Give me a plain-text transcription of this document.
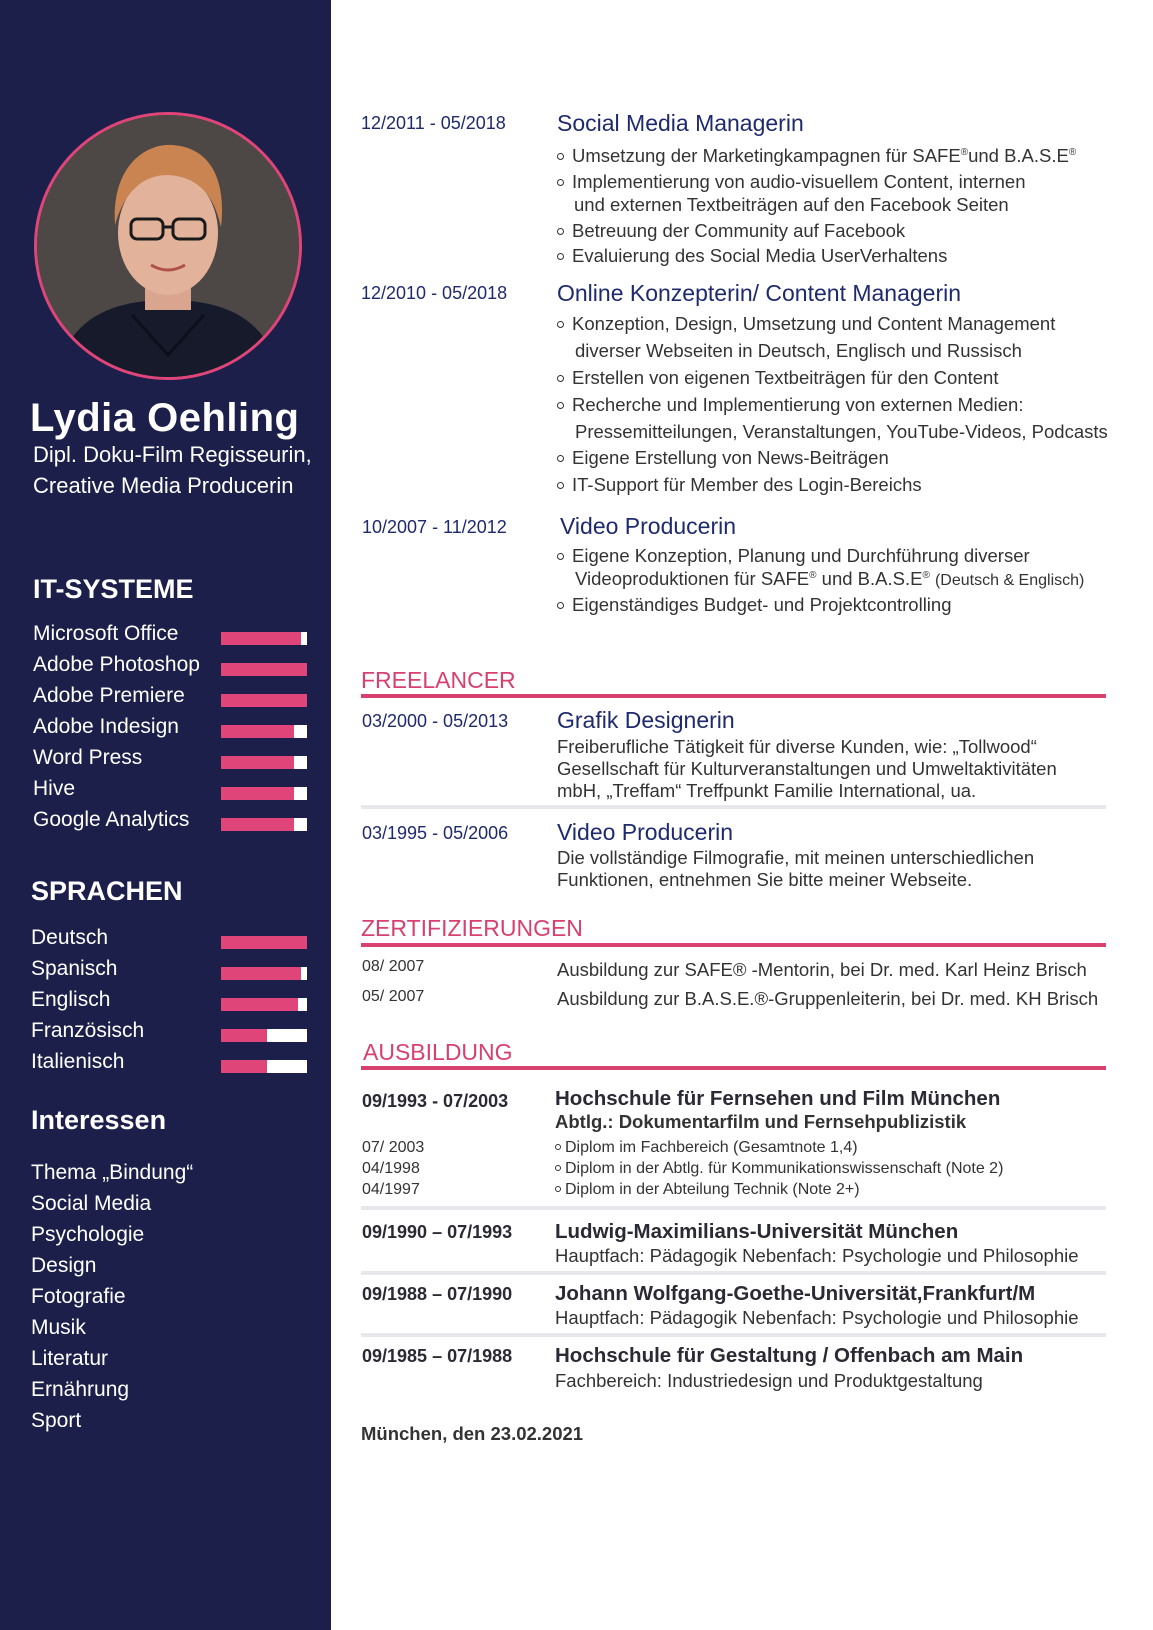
Lydia Oehling
Dipl. Doku-Film Regisseurin,
Creative Media Producerin
IT-SYSTEME
Microsoft Office
Adobe Photoshop
Adobe Premiere
Adobe Indesign
Word Press
Hive
Google Analytics
SPRACHEN
Deutsch
Spanisch
Englisch
Französisch
Italienisch
Interessen
Thema „Bindung“
Social Media
Psychologie
Design
Fotografie
Musik
Literatur
Ernährung
Sport
12/2011 - 05/2018 Social Media Managerin
Umsetzung der Marketingkampagnen für SAFE®und B.A.S.E®
Implementierung von audio-visuellem Content, internen
und externen Textbeiträgen auf den Facebook Seiten
Betreuung der Community auf Facebook
Evaluierung des Social Media UserVerhaltens
12/2010 - 05/2018 Online Konzepterin/ Content Managerin
Konzeption, Design, Umsetzung und Content Management
diverser Webseiten in Deutsch, Englisch und Russisch
Erstellen von eigenen Textbeiträgen für den Content
Recherche und Implementierung von externen Medien:
Pressemitteilungen, Veranstaltungen, YouTube-Videos, Podcasts
Eigene Erstellung von News-Beiträgen
IT-Support für Member des Login-Bereichs
10/2007 - 11/2012 Video Producerin
Eigene Konzeption, Planung und Durchführung diverser
Videoproduktionen für SAFE® und B.A.S.E® (Deutsch & Englisch)
Eigenständiges Budget- und Projektcontrolling
FREELANCER
03/2000 - 05/2013 Grafik Designerin
Freiberufliche Tätigkeit für diverse Kunden, wie: „Tollwood“ Gesellschaft für Kulturveranstaltungen und Umweltaktivitäten mbH, „Treffam“ Treffpunkt Familie International, ua.
03/1995 - 05/2006 Video Producerin
Die vollständige Filmografie, mit meinen unterschiedlichen Funktionen, entnehmen Sie bitte meiner Webseite.
ZERTIFIZIERUNGEN
08/ 2007	Ausbildung zur SAFE® -Mentorin, bei Dr. med. Karl Heinz Brisch
05/ 2007	Ausbildung zur B.A.S.E.®-Gruppenleiterin, bei Dr. med. KH Brisch
AUSBILDUNG
09/1993 - 07/2003 Hochschule für Fernsehen und Film München
Abtlg.: Dokumentarfilm und Fernsehpublizistik
07/ 2003	Diplom im Fachbereich (Gesamtnote 1,4)
04/1998	Diplom in der Abtlg. für Kommunikationswissenschaft (Note 2)
04/1997	Diplom in der Abteilung Technik (Note 2+)
09/1990 – 07/1993 Ludwig-Maximilians-Universität München
Hauptfach: Pädagogik Nebenfach: Psychologie und Philosophie
09/1988 – 07/1990 Johann Wolfgang-Goethe-Universität,Frankfurt/M
Hauptfach: Pädagogik Nebenfach: Psychologie und Philosophie
09/1985 – 07/1988 Hochschule für Gestaltung / Offenbach am Main
Fachbereich: Industriedesign und Produktgestaltung
München, den 23.02.2021
